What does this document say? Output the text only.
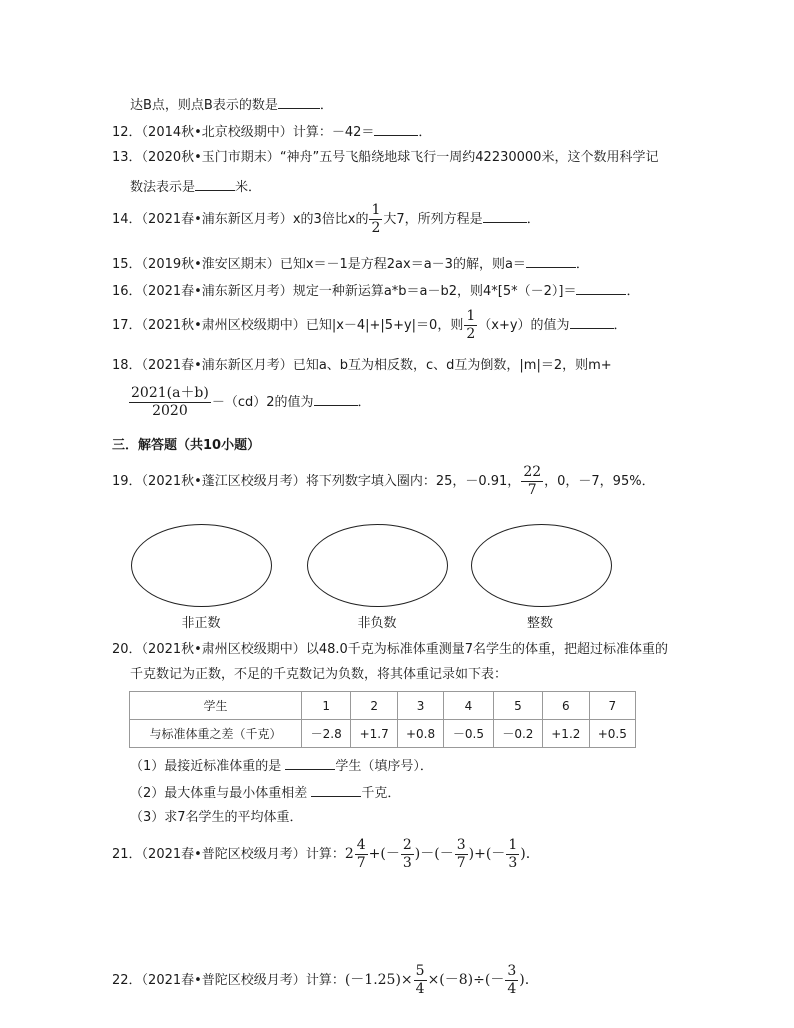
达B点，则点B表示的数是	．
12．（2014秋•北京校级期中）计算：－42＝	．
13．（2020秋•玉门市期末）“神舟”五号飞船绕地球飞行一周约42230000米，这个数用科学记
数法表示是	米．
14．（2021春•浦东新区月考）x的3倍比x的 $\frac{1}{2}$ 大7，所列方程是	．
15．（2019秋•淮安区期末）已知x＝－1是方程2ax＝a－3的解，则a＝	．
16．（2021春•浦东新区月考）规定一种新运算a*b＝a－b2，则4*[5*（－2）]＝	．
17．（2021秋•肃州区校级期中）已知|x－4|+|5+y|＝0，则 $\frac{1}{2} (x+y)$的值为	．
18．（2021春•浦东新区月考）已知a、b互为相反数，c、d互为倒数，|m|＝2，则m+
$\frac{2021(a+b)}{2020} -(cd)2$的值为	．
三．解答题（共10小题）
19．（2021秋•蓬江区校级月考）将下列数字填入圈内：25，－0.91， $\frac{22}{7}$ ，0，－7，95%．
非正数	非负数	整数
20．（2021秋•肃州区校级期中）以48.0千克为标准体重测量7名学生的体重，把超过标准体重的
千克数记为正数，不足的千克数记为负数，将其体重记录如下表：
学生	1	2	3	4	5	6	7
与标准体重之差（千克）	－2.8	+1.7	+0.8	－0.5	－0.2	+1.2	+0.5
（1）最接近标准体重的是	学生（填序号）．
（2）最大体重与最小体重相差	千克．
（3）求7名学生的平均体重．
21．（2021春•普陀区校级月考）计算： $2 \frac{4}{7}$ +(－ $\frac{2}{3}$ )－(－ $\frac{3}{7}$ )+(－ $\frac{1}{3}$ ).
22．（2021春•普陀区校级月考）计算： $(-1.25)\times \frac{5}{4} \times(-8)\div(- \frac{3}{4}$ ).
